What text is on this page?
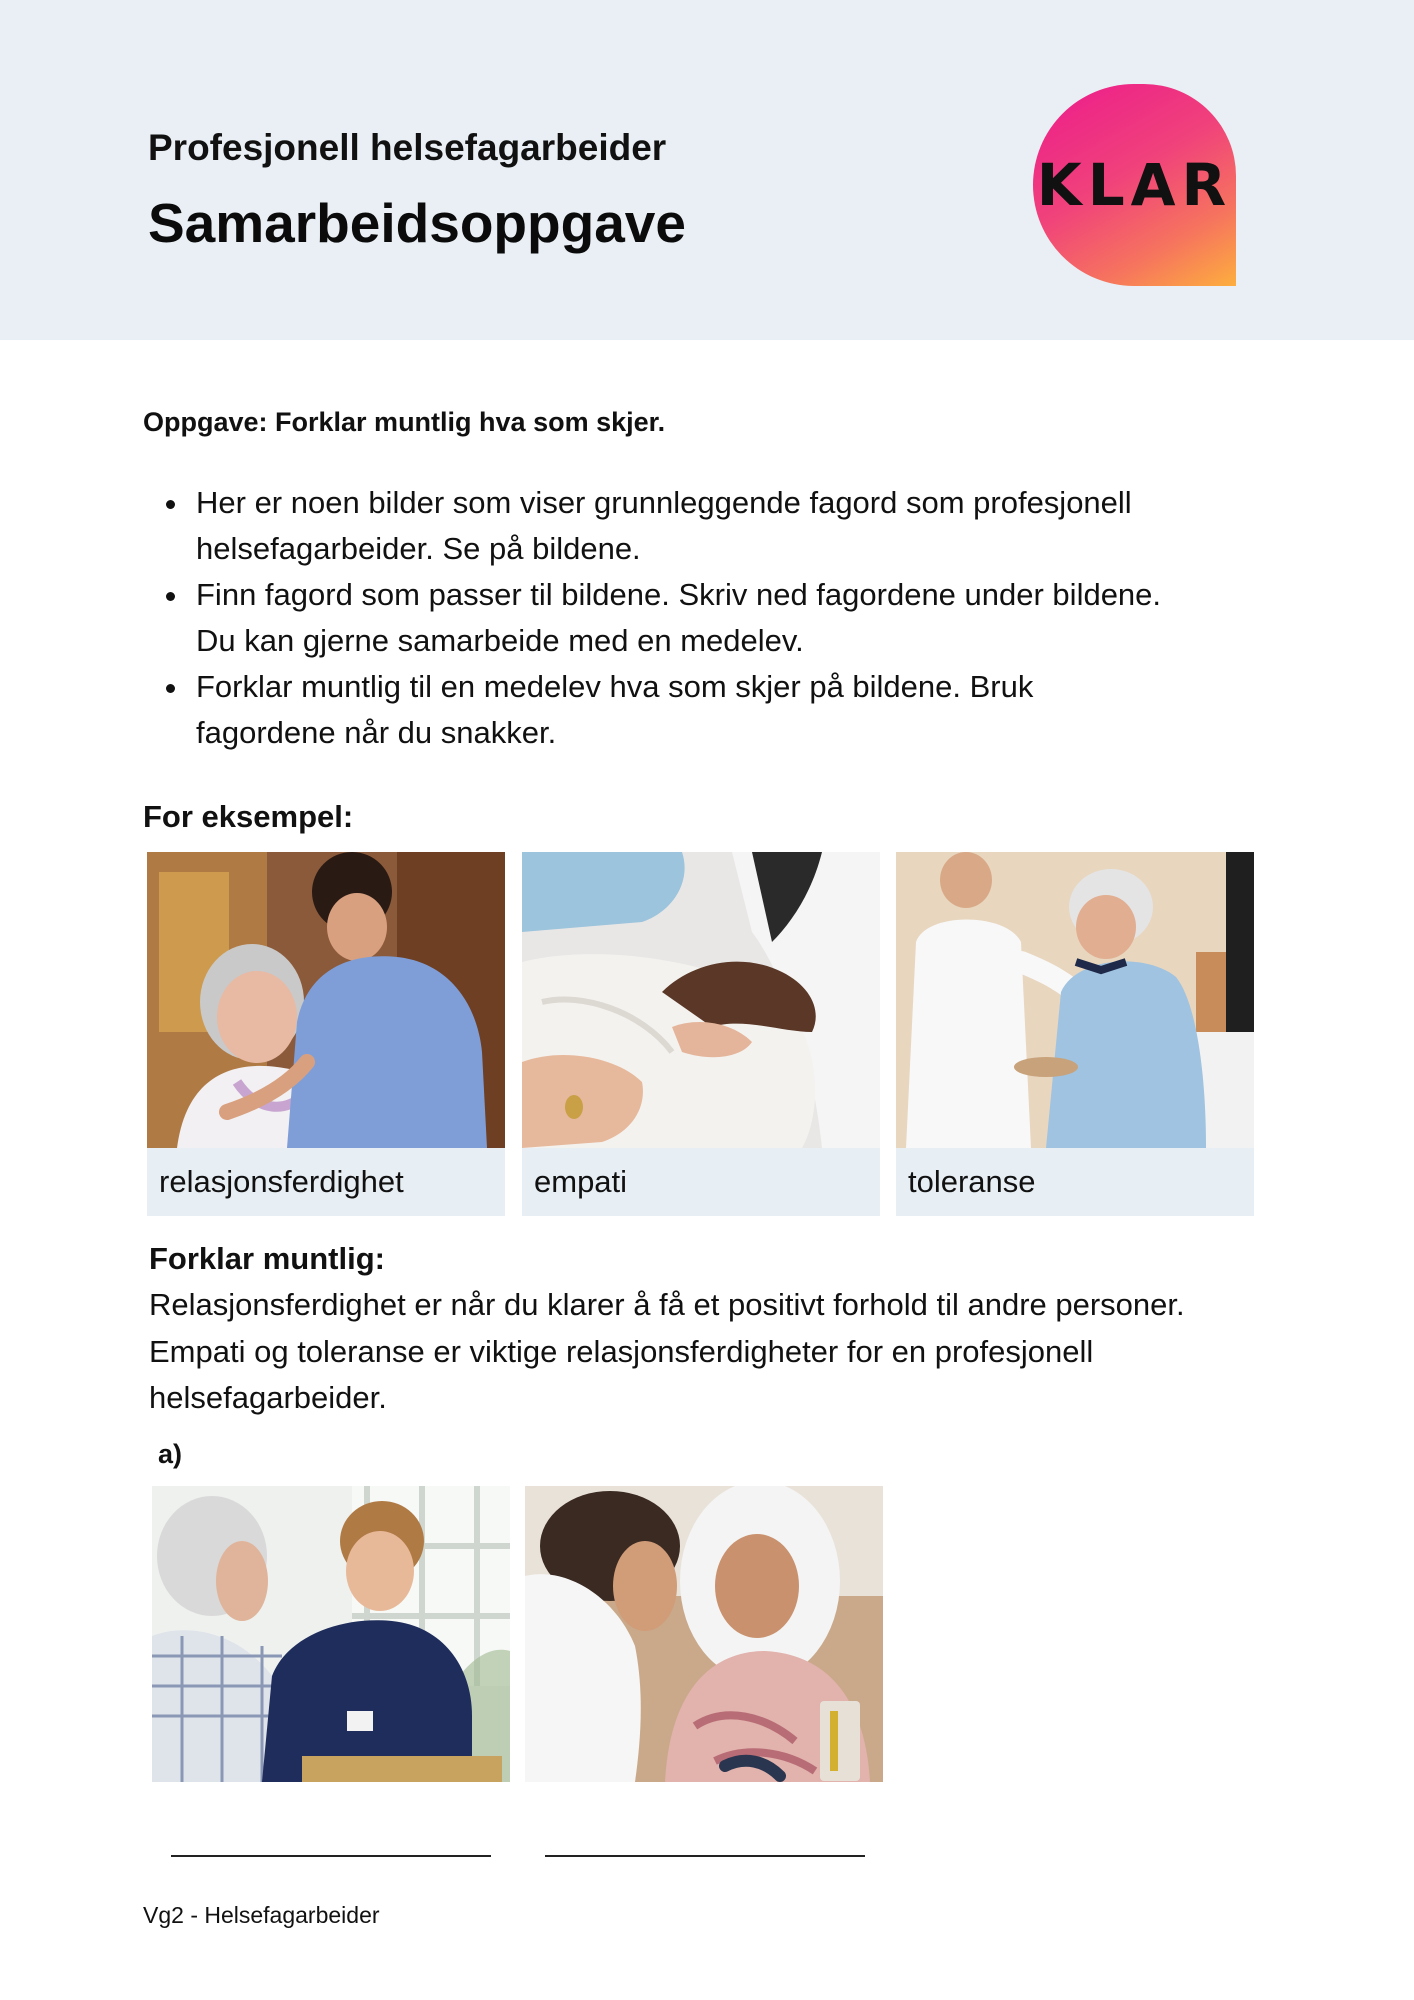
Profesjonell helsefagarbeider
Samarbeidsoppgave
KLAR
Oppgave: Forklar muntlig hva som skjer.
Her er noen bilder som viser grunnleggende fagord som profesjonell helsefagarbeider. Se på bildene.
Finn fagord som passer til bildene. Skriv ned fagordene under bildene. Du kan gjerne samarbeide med en medelev.
Forklar muntlig til en medelev hva som skjer på bildene. Bruk fagordene når du snakker.
For eksempel:
relasjonsferdighet	empati	toleranse
Forklar muntlig:

Relasjonsferdighet er når du klarer å få et positivt forhold til andre personer. Empati og toleranse er viktige relasjonsferdigheter for en profesjonell helsefagarbeider.

a)
Vg2 - Helsefagarbeider
